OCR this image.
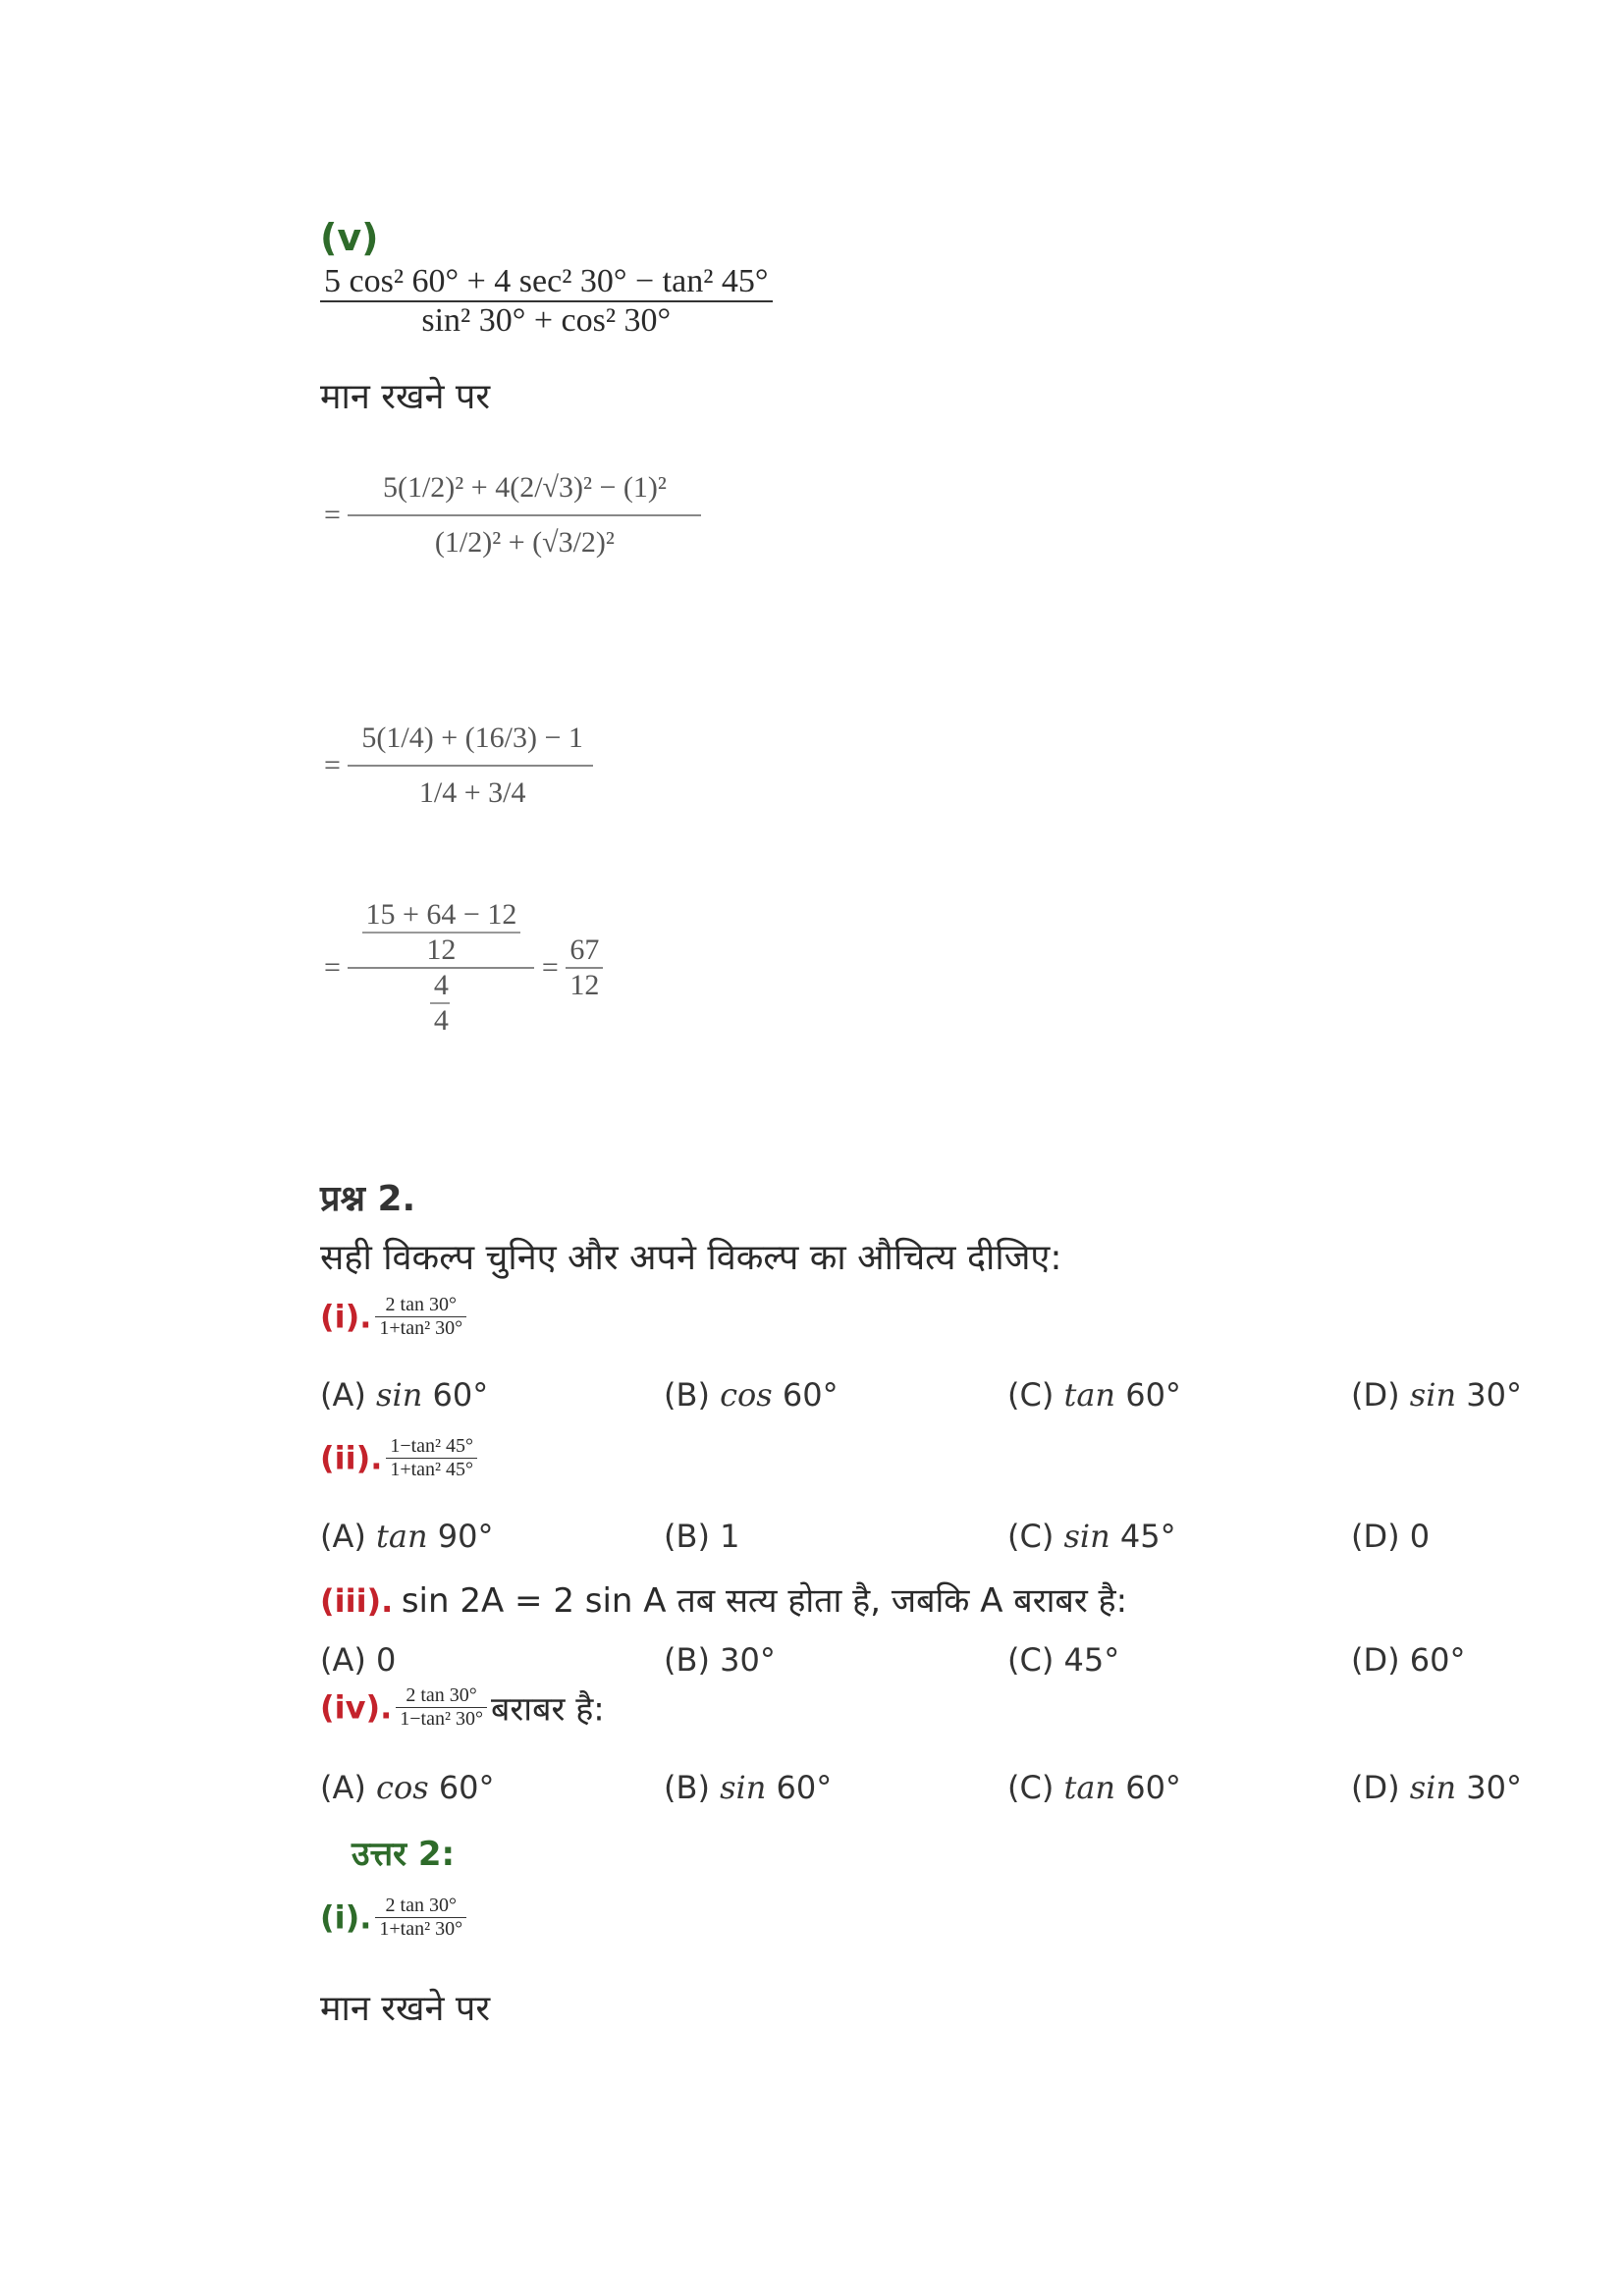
(v)
$\frac{\text{5 cos² 60° + 4 sec² 30° − tan² 45°}}{\text{sin² 30° + cos² 30°}}$
मान रखने पर
= $\frac{\text{5(1/2)² + 4(2/√3)² − (1)²}}{\text{(1/2)² + (√3/2)²}}$
= $\frac{5(1/4) + (16/3) - 1}{1/4 + 3/4}$
= $\frac{\frac{15 + 64 - 12}{12}}{\frac{4}{4}} = \frac{67}{12}$
प्रश्न 2.
सही विकल्प चुनिए और अपने विकल्प का औचित्य दीजिए:
(i). $\frac{2 \tan 30^\circ}{\text{1+tan² 30°}}$
(A) sin 60°	(B) cos 60°	(C) tan 60°	(D) sin 30°
(ii). $\frac{\text{1−tan² 45°}}{\text{1+tan² 45°}}$
(A) tan 90°	(B) 1	(C) sin 45°	(D) 0
(iii). sin 2A = 2 sin A तब सत्य होता है, जबकि A बराबर है:
(A) 0	(B) 30°	(C) 45°	(D) 60°
(iv). $\frac{2 \tan 30^\circ}{\text{1−tan² 30°}}$ बराबर है:
(A) cos 60°	(B) sin 60°	(C) tan 60°	(D) sin 30°
उत्तर 2:
(i). $\frac{2 \tan 30^\circ}{\text{1+tan² 30°}}$
मान रखने पर
